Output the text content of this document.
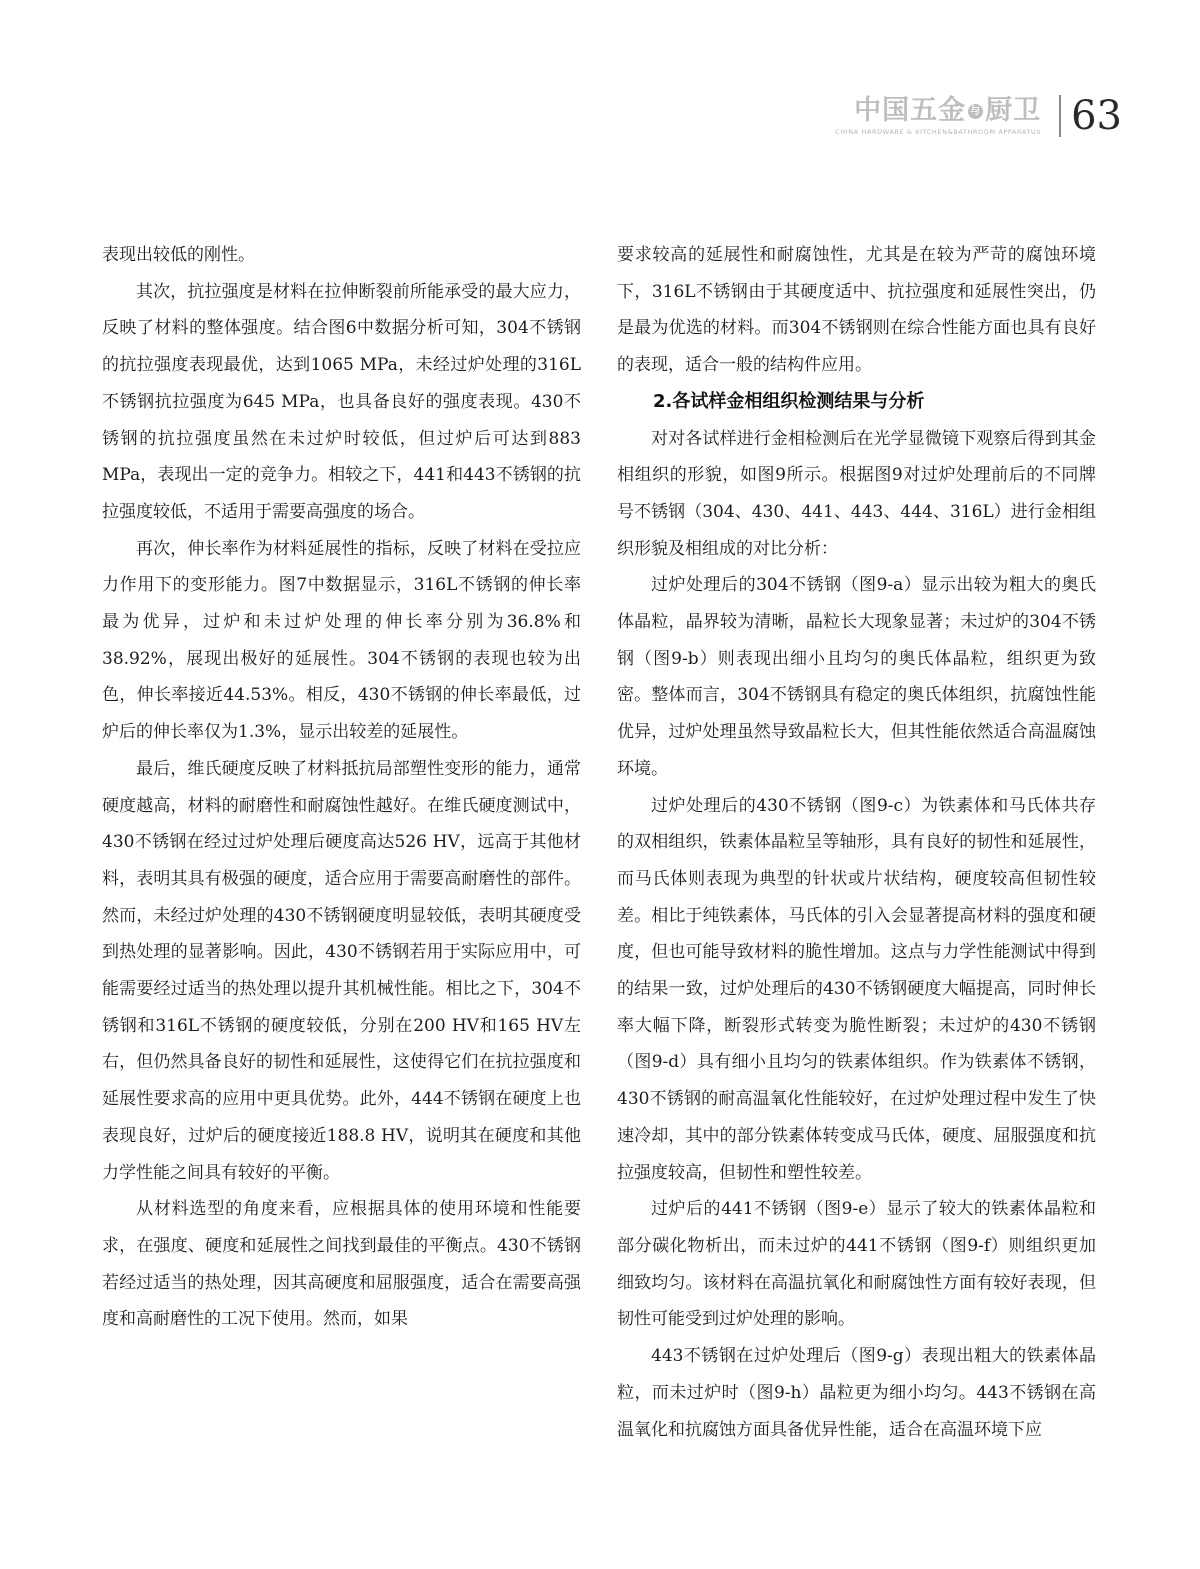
中国五金 与 厨卫
CHINA HARDWARE & KITCHEN&BATHROOM APPARATUS 63

表现出较低的刚性。

其次，抗拉强度是材料在拉伸断裂前所能承受的最大应力，反映了材料的整体强度。结合图6中数据分析可知，304不锈钢的抗拉强度表现最优，达到1065 MPa，未经过炉处理的316L不锈钢抗拉强度为645 MPa，也具备良好的强度表现。430不锈钢的抗拉强度虽然在未过炉时较低，但过炉后可达到883 MPa，表现出一定的竞争力。相较之下，441和443不锈钢的抗拉强度较低，不适用于需要高强度的场合。

再次，伸长率作为材料延展性的指标，反映了材料在受拉应力作用下的变形能力。图7中数据显示，316L不锈钢的伸长率最为优异，过炉和未过炉处理的伸长率分别为36.8%和38.92%，展现出极好的延展性。304不锈钢的表现也较为出色，伸长率接近44.53%。相反，430不锈钢的伸长率最低，过炉后的伸长率仅为1.3%，显示出较差的延展性。

最后，维氏硬度反映了材料抵抗局部塑性变形的能力，通常硬度越高，材料的耐磨性和耐腐蚀性越好。在维氏硬度测试中，430不锈钢在经过过炉处理后硬度高达526 HV，远高于其他材料，表明其具有极强的硬度，适合应用于需要高耐磨性的部件。然而，未经过炉处理的430不锈钢硬度明显较低，表明其硬度受到热处理的显著影响。因此，430不锈钢若用于实际应用中，可能需要经过适当的热处理以提升其机械性能。相比之下，304不锈钢和316L不锈钢的硬度较低，分别在200 HV和165 HV左右，但仍然具备良好的韧性和延展性，这使得它们在抗拉强度和延展性要求高的应用中更具优势。此外，444不锈钢在硬度上也表现良好，过炉后的硬度接近188.8 HV，说明其在硬度和其他力学性能之间具有较好的平衡。

从材料选型的角度来看，应根据具体的使用环境和性能要求，在强度、硬度和延展性之间找到最佳的平衡点。430不锈钢若经过适当的热处理，因其高硬度和屈服强度，适合在需要高强度和高耐磨性的工况下使用。然而，如果

要求较高的延展性和耐腐蚀性，尤其是在较为严苛的腐蚀环境下，316L不锈钢由于其硬度适中、抗拉强度和延展性突出，仍是最为优选的材料。而304不锈钢则在综合性能方面也具有良好的表现，适合一般的结构件应用。

2.各试样金相组织检测结果与分析

对对各试样进行金相检测后在光学显微镜下观察后得到其金相组织的形貌，如图9所示。根据图9对过炉处理前后的不同牌号不锈钢（304、430、441、443、444、316L）进行金相组织形貌及相组成的对比分析：

过炉处理后的304不锈钢（图9-a）显示出较为粗大的奥氏体晶粒，晶界较为清晰，晶粒长大现象显著；未过炉的304不锈钢（图9-b）则表现出细小且均匀的奥氏体晶粒，组织更为致密。整体而言，304不锈钢具有稳定的奥氏体组织，抗腐蚀性能优异，过炉处理虽然导致晶粒长大，但其性能依然适合高温腐蚀环境。

过炉处理后的430不锈钢（图9-c）为铁素体和马氏体共存的双相组织，铁素体晶粒呈等轴形，具有良好的韧性和延展性，而马氏体则表现为典型的针状或片状结构，硬度较高但韧性较差。相比于纯铁素体，马氏体的引入会显著提高材料的强度和硬度，但也可能导致材料的脆性增加。这点与力学性能测试中得到的结果一致，过炉处理后的430不锈钢硬度大幅提高，同时伸长率大幅下降，断裂形式转变为脆性断裂；未过炉的430不锈钢（图9-d）具有细小且均匀的铁素体组织。作为铁素体不锈钢，430不锈钢的耐高温氧化性能较好，在过炉处理过程中发生了快速冷却，其中的部分铁素体转变成马氏体，硬度、屈服强度和抗拉强度较高，但韧性和塑性较差。

过炉后的441不锈钢（图9-e）显示了较大的铁素体晶粒和部分碳化物析出，而未过炉的441不锈钢（图9-f）则组织更加细致均匀。该材料在高温抗氧化和耐腐蚀性方面有较好表现，但韧性可能受到过炉处理的影响。

443不锈钢在过炉处理后（图9-g）表现出粗大的铁素体晶粒，而未过炉时（图9-h）晶粒更为细小均匀。443不锈钢在高温氧化和抗腐蚀方面具备优异性能，适合在高温环境下应
